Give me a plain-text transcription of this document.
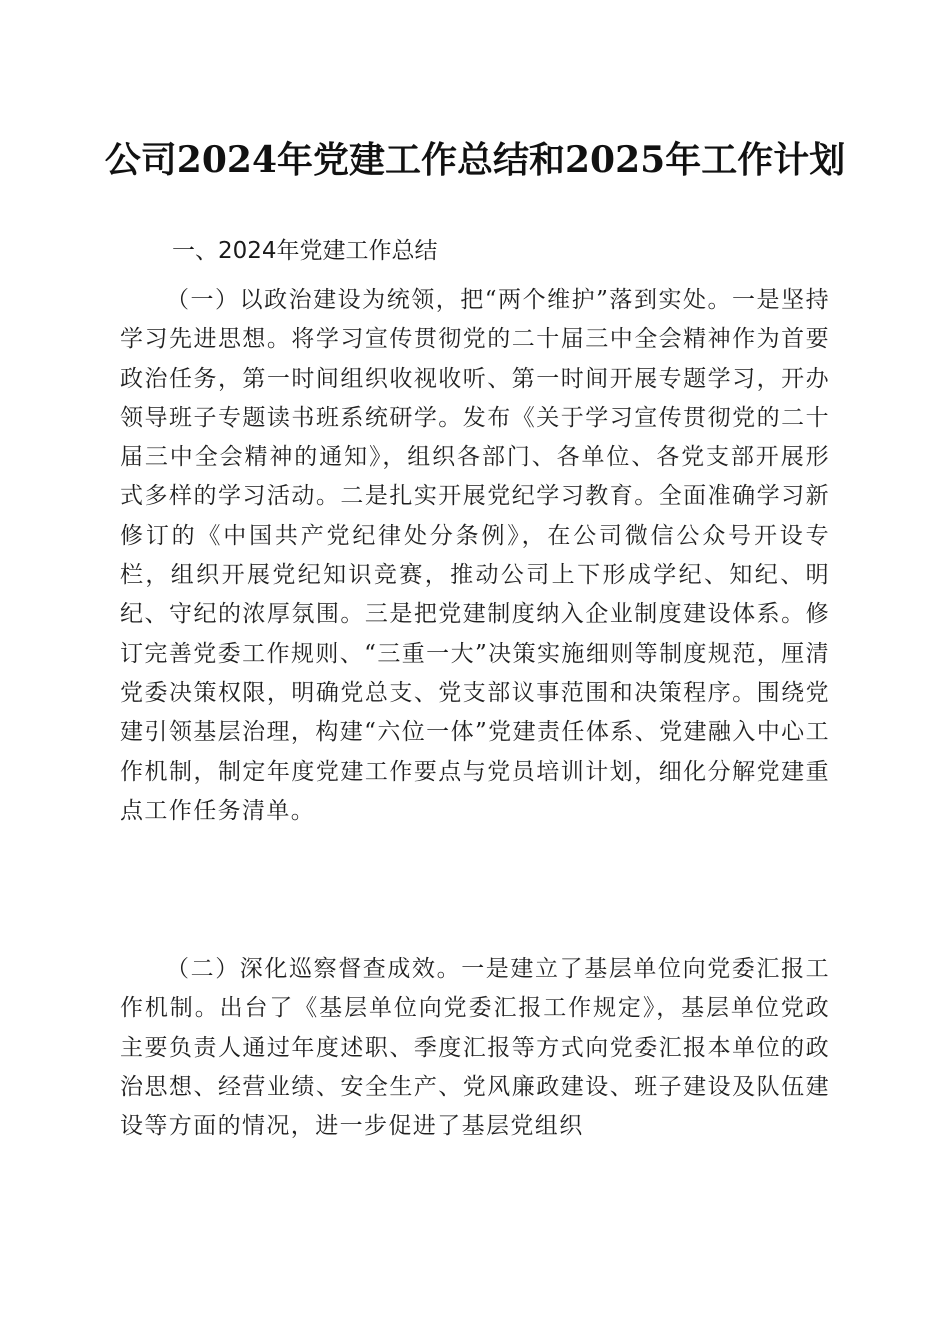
公司2024年党建工作总结和2025年工作计划
一、2024年党建工作总结

（一）以政治建设为统领，把“两个维护”落到实处。一是坚持学习先进思想。将学习宣传贯彻党的二十届三中全会精神作为首要政治任务，第一时间组织收视收听、第一时间开展专题学习，开办领导班子专题读书班系统研学。发布《关于学习宣传贯彻党的二十届三中全会精神的通知》，组织各部门、各单位、各党支部开展形式多样的学习活动。二是扎实开展党纪学习教育。全面准确学习新修订的《中国共产党纪律处分条例》，在公司微信公众号开设专栏，组织开展党纪知识竞赛，推动公司上下形成学纪、知纪、明纪、守纪的浓厚氛围。三是把党建制度纳入企业制度建设体系。修订完善党委工作规则、“三重一大”决策实施细则等制度规范，厘清党委决策权限，明确党总支、党支部议事范围和决策程序。围绕党建引领基层治理，构建“六位一体”党建责任体系、党建融入中心工作机制，制定年度党建工作要点与党员培训计划，细化分解党建重点工作任务清单。

（二）深化巡察督查成效。一是建立了基层单位向党委汇报工作机制。出台了《基层单位向党委汇报工作规定》，基层单位党政主要负责人通过年度述职、季度汇报等方式向党委汇报本单位的政治思想、经营业绩、安全生产、党风廉政建设、班子建设及队伍建设等方面的情况，进一步促进了基层党组织
